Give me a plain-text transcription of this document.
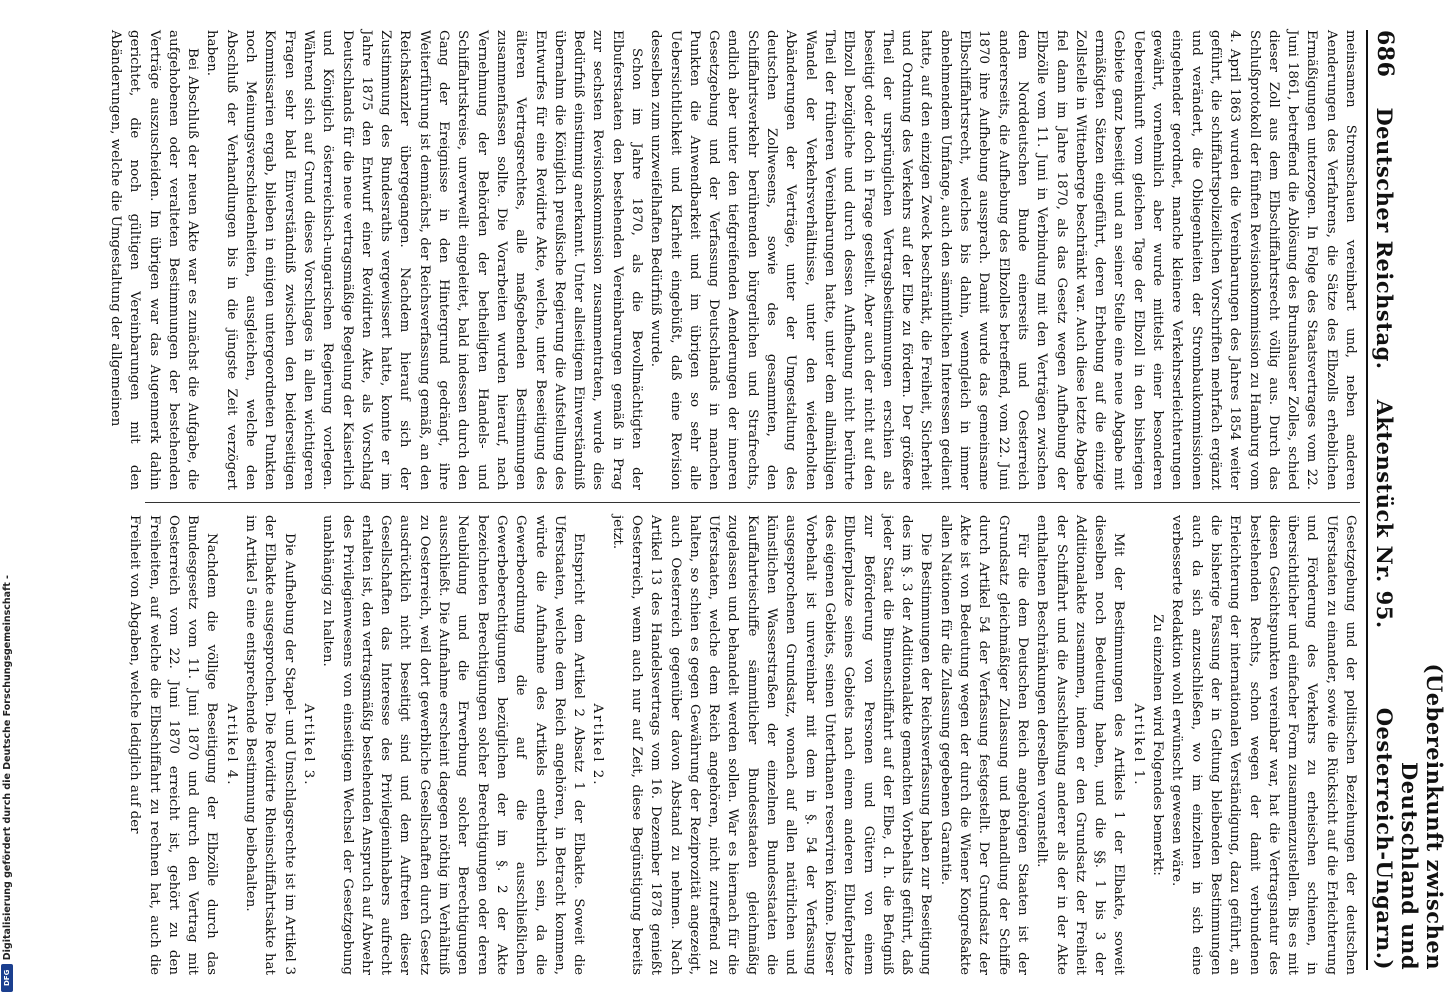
Digitalisierung gefördert durch die Deutsche Forschungsgemeinschaft -
DFG
686
Deutscher Reichstag.
Aktenstück Nr. 95.
(Uebereinkunft zwischen Deutschland und Oesterreich-Ungarn.)

meinsamen Stromschauen vereinbart und, neben anderen Aenderungen des Verfahrens, die Sätze des Elbzolls erheblichen Ermäßigungen unterzogen. In Folge des Staatsvertrages vom 22. Juni 1861, betreffend die Ablösung des Brunshauser Zolles, schied dieser Zoll aus dem Elbschiffahrtsrecht völlig aus. Durch das Schlußprotokoll der fünften Revisionskommission zu Hamburg vom 4. April 1863 wurden die Vereinbarungen des Jahres 1854 weiter geführt, die schiffahrtspolizeilichen Vorschriften mehrfach ergänzt und verändert, die Obliegenheiten der Strombaukommissionen eingehender geordnet, manche kleinere Verkehrserleichterungen gewährt, vornehmlich aber wurde mittelst einer besonderen Uebereinkunft vom gleichen Tage der Elbzoll in den bisherigen Gebiete ganz beseitigt und an seiner Stelle eine neue Abgabe mit ermäßigten Sätzen eingeführt, deren Erhebung auf die einzige Zollstelle in Wittenberge beschränkt war. Auch diese letzte Abgabe fiel dann im Jahre 1870, als das Gesetz wegen Aufhebung der Elbzölle vom 11. Juni in Verbindung mit den Verträgen zwischen dem Norddeutschen Bunde einerseits und Oesterreich andererseits, die Aufhebung des Elbzolles betreffend, vom 22. Juni 1870 ihre Aufhebung aussprach. Damit wurde das gemeinsame Elbschiffahrtsrecht, welches bis dahin, wenngleich in immer abnehmendem Umfange, auch den sämmtlichen Interessen gedient hatte, auf den einzigen Zweck beschränkt, die Freiheit, Sicherheit und Ordnung des Verkehrs auf der Elbe zu fördern. Der größere Theil der ursprünglichen Vertragsbestimmungen erschien als beseitigt oder doch in Frage gestellt. Aber auch der nicht auf den Elbzoll bezügliche und durch dessen Aufhebung nicht berührte Theil der früheren Vereinbarungen hatte, unter dem allmähligen Wandel der Verkehrsverhältnisse, unter den wiederholten Abänderungen der Verträge, unter der Umgestaltung des deutschen Zollwesens, sowie des gesammten, den Schiffahrtsverkehr berührenden bürgerlichen und Strafrechts, endlich aber unter den tiefgreifenden Aenderungen der inneren Gesetzgebung und der Verfassung Deutschlands in manchen Punkten die Anwendbarkeit und im übrigen so sehr alle Uebersichtlichkeit und Klarheit eingebüßt, daß eine Revision desselben zum unzweifelhaften Bedürfniß wurde.

Schon im Jahre 1870, als die Bevollmächtigten der Elbuferstaaten den bestehenden Vereinbarungen gemäß in Prag zur sechsten Revisionskommission zusammentraten, wurde dies Bedürfniß einstimmig anerkannt. Unter allseitigem Einverständniß übernahm die Königlich preußische Regierung die Aufstellung des Entwurfes für eine Revidirte Akte, welche, unter Beseitigung des älteren Vertragsrechtes, alle maßgebenden Bestimmungen zusammenfassen sollte. Die Vorarbeiten wurden hierauf, nach Vernehmung der Behörden der betheiligten Handels- und Schiffahrtskreise, unverweilt eingeleitet, bald indessen durch den Gang der Ereignisse in den Hintergrund gedrängt, ihre Weiterführung ist demnächst, der Reichsverfassung gemäß, an den Reichskanzler übergegangen. Nachdem hierauf sich der Zustimmung des Bundesraths vergewissert hatte, konnte er im Jahre 1875 den Entwurf einer Revidirten Akte, als Vorschlag Deutschlands für die neue vertragsmäßige Regelung der Kaiserlich und Königlich österreichisch-ungarischen Regierung vorlegen. Während sich auf Grund dieses Vorschlages in allen wichtigeren Fragen sehr bald Einverständniß zwischen den beiderseitigen Kommissarien ergab, blieben in einigen untergeordneten Punkten noch Meinungsverschiedenheiten, ausgleichen, welche den Abschluß der Verhandlungen bis in die jüngste Zeit verzögert haben.

Bei Abschluß der neuen Akte war es zunächst die Aufgabe, die aufgehobenen oder veralteten Bestimmungen der bestehenden Verträge auszuscheiden. Im übrigen war das Augenmerk dahin gerichtet, die noch gültigen Vereinbarungen mit den Abänderungen, welche die Umgestaltung der allgemeinen

Gesetzgebung und der politischen Beziehungen der deutschen Uferstaaten zu einander, sowie die Rücksicht auf die Erleichterung und Förderung des Verkehrs zu erheischen schienen, in übersichtlicher und einfacher Form zusammenzustellen. Bis es mit diesen Gesichtspunkten vereinbar war, hat die Vertragsnatur des bestehenden Rechts, schon wegen der damit verbundenen Erleichterung der internationalen Verständigung, dazu geführt, an die bisherige Fassung der in Geltung bleibenden Bestimmungen auch da sich anzuschließen, wo im einzelnen in sich eine verbesserte Redaktion wohl erwünscht gewesen wäre.

Zu einzelnen wird Folgendes bemerkt:

Artikel 1.

Mit der Bestimmungen des Artikels 1 der Elbakte, soweit dieselben noch Bedeutung haben, und die §§. 1 bis 3 der Additionalakte zusammen, indem er den Grundsatz der Freiheit der Schiffahrt und die Ausschließung anderer als der in der Akte enthaltenen Beschränkungen derselben voranstellt.

Für die dem Deutschen Reich angehörigen Staaten ist der Grundsatz gleichmäßiger Zulassung und Behandlung der Schiffe durch Artikel 54 der Verfassung festgestellt. Der Grundsatz der Akte ist von Bedeutung wegen der durch die Wiener Kongreßakte allen Nationen für die Zulassung gegebenen Garantie.

Die Bestimmungen der Reichsverfassung haben zur Beseitigung des im §. 3 der Additionalakte gemachten Vorbehalts geführt, daß jeder Staat die Binnenschiffahrt auf der Elbe, d. h. die Befugniß zur Beförderung von Personen und Gütern von einem Elbuferplatze seines Gebiets nach einem anderen Elbuferplatze des eigenen Gebiets, seinen Unterthanen reserviren könne. Dieser Vorbehalt ist unvereinbar mit dem in §. 54 der Verfassung ausgesprochenen Grundsatz, wonach auf allen natürlichen und künstlichen Wasserstraßen der einzelnen Bundesstaaten die Kauffahrteischiffe sämmtlicher Bundesstaaten gleichmäßig zugelassen und behandelt werden sollen. War es hiernach für die Uferstaaten, welche dem Reich angehören, nicht zutreffend zu halten, so schien es gegen Gewährung der Reziprozität angezeigt, auch Oesterreich gegenüber davon Abstand zu nehmen. Nach Artikel 13 des Handelsvertrags vom 16. Dezember 1878 genießt Oesterreich, wenn auch nur auf Zeit, diese Begünstigung bereits jetzt.

Artikel 2.

Entspricht dem Artikel 2 Absatz 1 der Elbakte. Soweit die Uferstaaten, welche dem Reich angehören, in Betracht kommen, würde die Aufnahme des Artikels entbehrlich sein, da die Gewerbeordnung die auf die ausschließlichen Gewerbeberechtigungen bezüglichen der im §. 2 der Akte bezeichneten Berechtigungen solcher Berechtigungen oder deren Neubildung und die Erwerbung solcher Berechtigungen ausschließt. Die Aufnahme erscheint dagegen nöthig im Verhältniß zu Oesterreich, weil dort gewerbliche Gesellschaften durch Gesetz ausdrücklich nicht beseitigt sind und dem Auftreten dieser Gesellschaften das Interesse des Privilegieninhabers aufrecht erhalten ist, den vertragsmäßig bestehenden Anspruch auf Abwehr des Privilegienwesens von einseitigem Wechsel der Gesetzgebung unabhängig zu halten.

Artikel 3.

Die Aufhebung der Stapel- und Umschlagsrechte ist im Artikel 3 der Elbakte ausgesprochen. Die Revidirte Rheinschiffahrtsakte hat im Artikel 5 eine entsprechende Bestimmung beibehalten.

Artikel 4.

Nachdem die völlige Beseitigung der Elbzölle durch das Bundesgesetz vom 11. Juni 1870 und durch den Vertrag mit Oesterreich vom 22. Juni 1870 erreicht ist, gehört zu den Freiheiten, auf welche die Elbschiffahrt zu rechnen hat, auch die Freiheit von Abgaben, welche lediglich auf der
